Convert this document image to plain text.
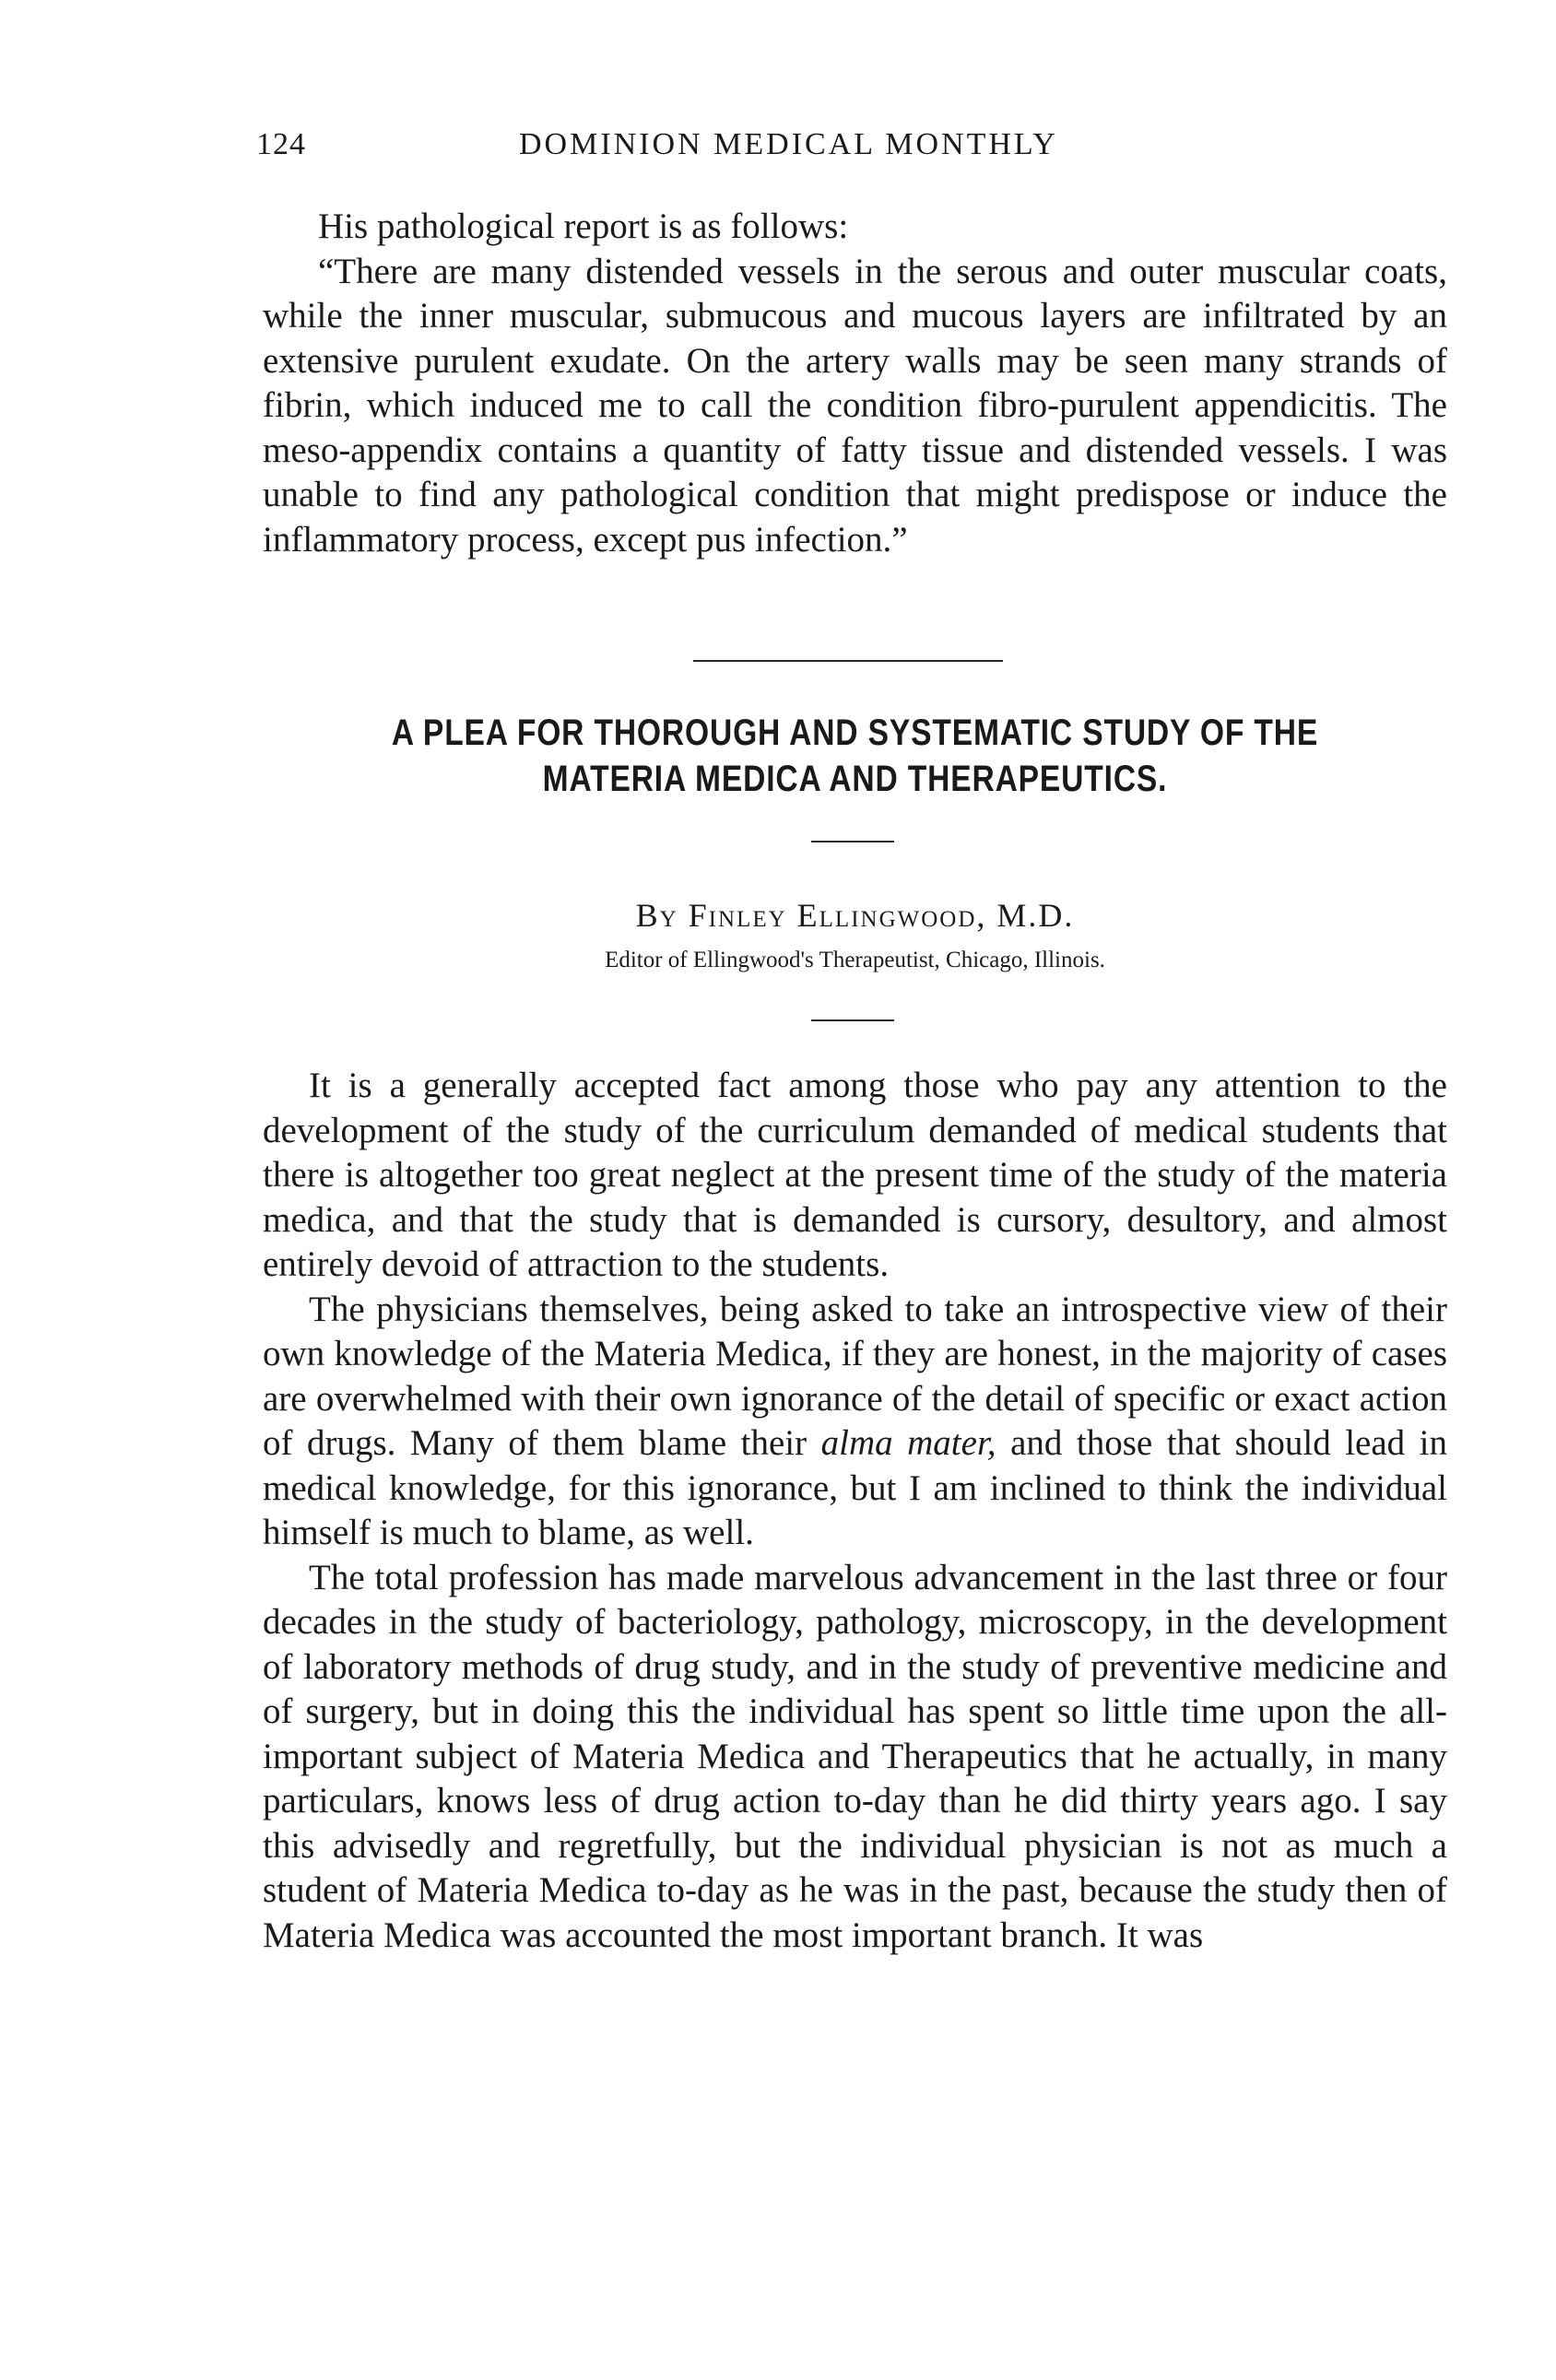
124	DOMINION MEDICAL MONTHLY

His pathological report is as follows:

“There are many distended vessels in the serous and outer muscular coats, while the inner muscular, submucous and mucous layers are infiltrated by an extensive purulent exudate. On the artery walls may be seen many strands of fibrin, which induced me to call the condition fibro-purulent appendicitis. The meso-appendix contains a quantity of fatty tissue and distended vessels. I was unable to find any pathological condition that might predispose or induce the inflammatory process, except pus infection.”

A PLEA FOR THOROUGH AND SYSTEMATIC STUDY OF THE
MATERIA MEDICA AND THERAPEUTICS.
By Finley Ellingwood, M.D.
Editor of Ellingwood's Therapeutist, Chicago, Illinois.

It is a generally accepted fact among those who pay any attention to the development of the study of the curriculum demanded of medical students that there is altogether too great neglect at the present time of the study of the materia medica, and that the study that is demanded is cursory, desultory, and almost entirely devoid of attraction to the students.

The physicians themselves, being asked to take an introspective view of their own knowledge of the Materia Medica, if they are honest, in the majority of cases are overwhelmed with their own ignorance of the detail of specific or exact action of drugs. Many of them blame their alma mater, and those that should lead in medical knowledge, for this ignorance, but I am inclined to think the individual himself is much to blame, as well.

The total profession has made marvelous advancement in the last three or four decades in the study of bacteriology, pathology, microscopy, in the development of laboratory methods of drug study, and in the study of preventive medicine and of surgery, but in doing this the individual has spent so little time upon the all-important subject of Materia Medica and Therapeutics that he actually, in many particulars, knows less of drug action to-day than he did thirty years ago. I say this advisedly and regretfully, but the individual physician is not as much a student of Materia Medica to-day as he was in the past, because the study then of Materia Medica was accounted the most important branch. It was
